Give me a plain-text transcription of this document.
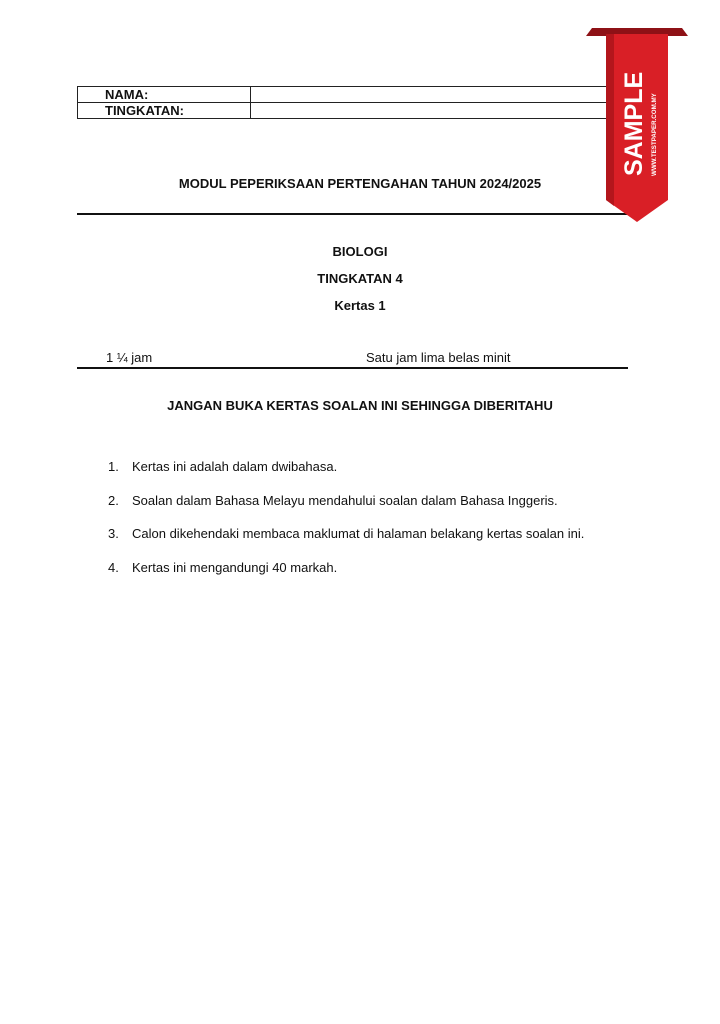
NAMA:	
TINGKATAN:	
MODUL PEPERIKSAAN PERTENGAHAN TAHUN 2024/2025
BIOLOGI
TINGKATAN 4
Kertas 1
1 ¼ jam	Satu jam lima belas minit
JANGAN BUKA KERTAS SOALAN INI SEHINGGA DIBERITAHU
1.	Kertas ini adalah dalam dwibahasa.
2.	Soalan dalam Bahasa Melayu mendahului soalan dalam Bahasa Inggeris.
3.	Calon dikehendaki membaca maklumat di halaman belakang kertas soalan ini.
4.	Kertas ini mengandungi 40 markah.
SAMPLE WWW.TESTPAPER.COM.MY
